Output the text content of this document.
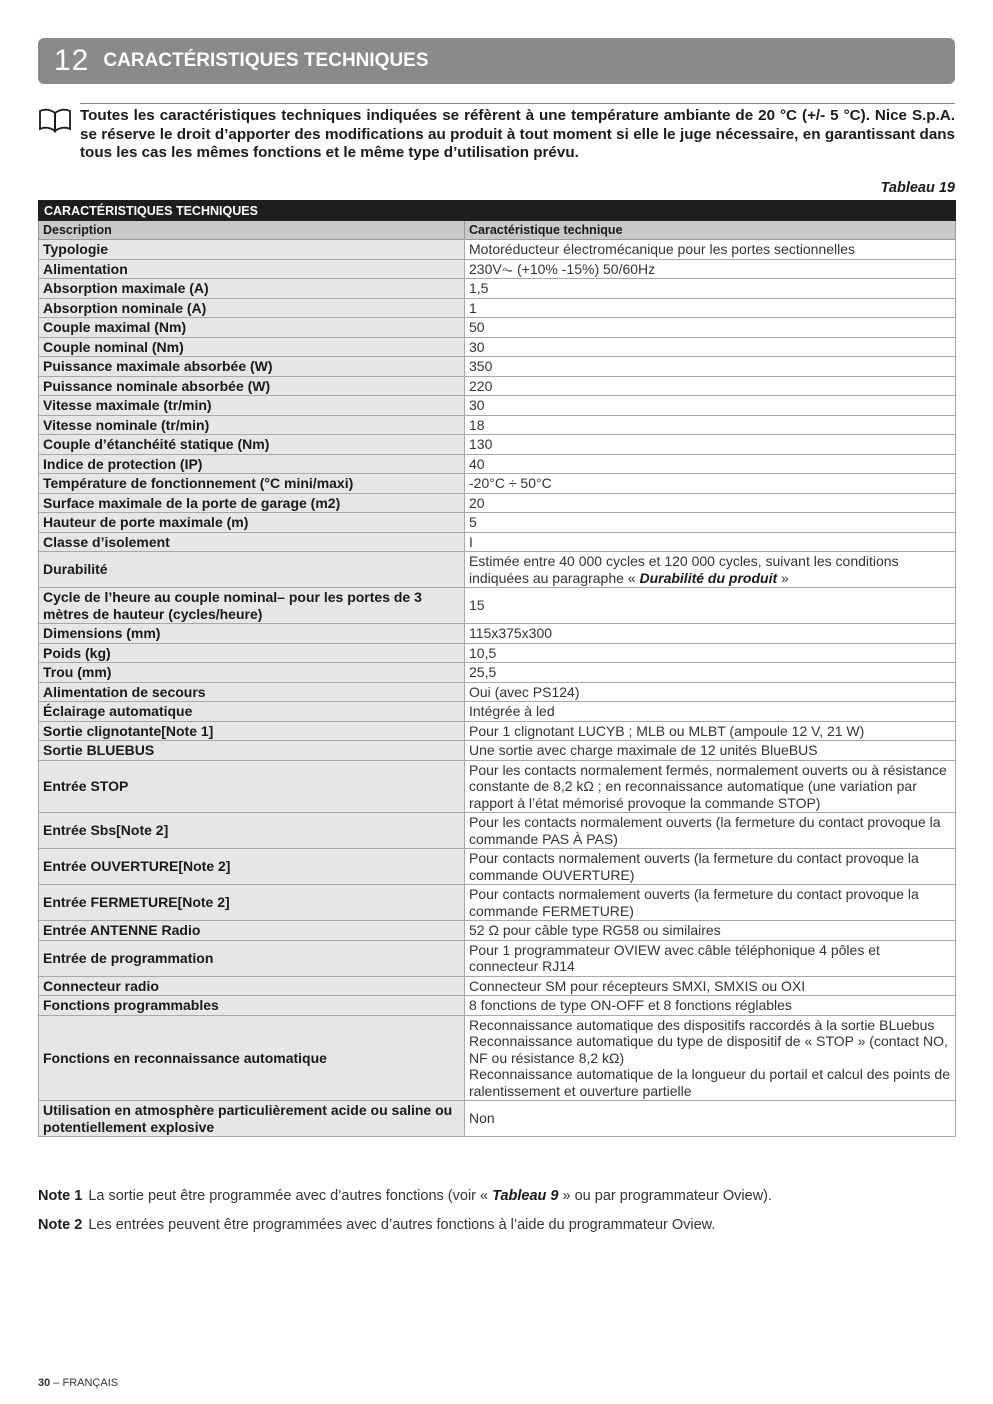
12 CARACTÉRISTIQUES TECHNIQUES
Toutes les caractéristiques techniques indiquées se réfèrent à une température ambiante de 20 °C (+/- 5 °C). Nice S.p.A. se réserve le droit d’apporter des modifications au produit à tout moment si elle le juge nécessaire, en garantissant dans tous les cas les mêmes fonctions et le même type d’utilisation prévu.
Tableau 19
CARACTÉRISTIQUES TECHNIQUES	
Description	Caractéristique technique
Typologie	Motoréducteur électromécanique pour les portes sectionnelles
Alimentation	230V⏦ (+10% -15%) 50/60Hz
Absorption maximale (A)	1,5
Absorption nominale (A)	1
Couple maximal (Nm)	50
Couple nominal (Nm)	30
Puissance maximale absorbée (W)	350
Puissance nominale absorbée (W)	220
Vitesse maximale (tr/min)	30
Vitesse nominale (tr/min)	18
Couple d’étanchéité statique (Nm)	130
Indice de protection (IP)	40
Température de fonctionnement (°C mini/maxi)	-20°C ÷ 50°C
Surface maximale de la porte de garage (m2)	20
Hauteur de porte maximale (m)	5
Classe d’isolement	I
Durabilité	Estimée entre 40 000 cycles et 120 000 cycles, suivant les conditions indiquées au paragraphe « Durabilité du produit »
Cycle de l’heure au couple nominal– pour les portes de 3 mètres de hauteur (cycles/heure)	15
Dimensions (mm)	115x375x300
Poids (kg)	10,5
Trou (mm)	25,5
Alimentation de secours	Oui (avec PS124)
Éclairage automatique	Intégrée à led
Sortie clignotante[Note 1]	Pour 1 clignotant LUCYB ; MLB ou MLBT (ampoule 12 V, 21 W)
Sortie BLUEBUS	Une sortie avec charge maximale de 12 unités BlueBUS
Entrée STOP	Pour les contacts normalement fermés, normalement ouverts ou à résistance constante de 8,2 kΩ ; en reconnaissance automatique (une variation par rapport à l’état mémorisé provoque la commande STOP)
Entrée Sbs[Note 2]	Pour les contacts normalement ouverts (la fermeture du contact provoque la commande PAS À PAS)
Entrée OUVERTURE[Note 2]	Pour contacts normalement ouverts (la fermeture du contact provoque la commande OUVERTURE)
Entrée FERMETURE[Note 2]	Pour contacts normalement ouverts (la fermeture du contact provoque la commande FERMETURE)
Entrée ANTENNE Radio	52 Ω pour câble type RG58 ou similaires
Entrée de programmation	Pour 1 programmateur OVIEW avec câble téléphonique 4 pôles et connecteur RJ14
Connecteur radio	Connecteur SM pour récepteurs SMXI, SMXIS ou OXI
Fonctions programmables	8 fonctions de type ON-OFF et 8 fonctions réglables
Fonctions en reconnaissance automatique	Reconnaissance automatique des dispositifs raccordés à la sortie BLuebus
Reconnaissance automatique du type de dispositif de « STOP » (contact NO, NF ou résistance 8,2 kΩ)
Reconnaissance automatique de la longueur du portail et calcul des points de ralentissement et ouverture partielle

Utilisation en atmosphère particulièrement acide ou saline ou potentiellement explosive	Non
Note 1 La sortie peut être programmée avec d’autres fonctions (voir « Tableau 9 » ou par programmateur Oview).
Note 2 Les entrées peuvent être programmées avec d’autres fonctions à l’aide du programmateur Oview.
30 – FRANÇAIS
